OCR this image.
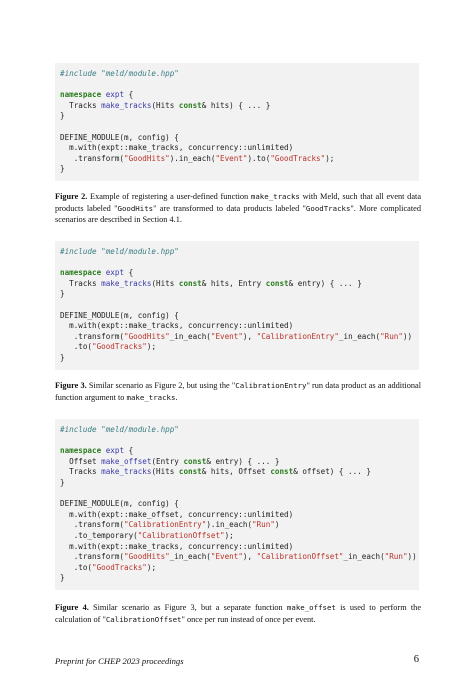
#include "meld/module.hpp"

namespace expt {
Tracks make_tracks(Hits const& hits) { ... }
}

DEFINE_MODULE(m, config) {
m.with(expt::make_tracks, concurrency::unlimited)
.transform("GoodHits").in_each("Event").to("GoodTracks");
}
Figure 2. Example of registering a user-defined function make_tracks with Meld, such that all event data products labeled "GoodHits" are transformed to data products labeled "GoodTracks". More complicated scenarios are described in Section 4.1.
#include "meld/module.hpp"

namespace expt {
Tracks make_tracks(Hits const& hits, Entry const& entry) { ... }
}

DEFINE_MODULE(m, config) {
m.with(expt::make_tracks, concurrency::unlimited)
.transform("GoodHits"_in_each("Event"), "CalibrationEntry"_in_each("Run"))
.to("GoodTracks");
}
Figure 3. Similar scenario as Figure 2, but using the "CalibrationEntry" run data product as an additional function argument to make_tracks.
#include "meld/module.hpp"

namespace expt {
Offset make_offset(Entry const& entry) { ... }
Tracks make_tracks(Hits const& hits, Offset const& offset) { ... }
}

DEFINE_MODULE(m, config) {
m.with(expt::make_offset, concurrency::unlimited)
.transform("CalibrationEntry").in_each("Run")
.to_temporary("CalibrationOffset");
m.with(expt::make_tracks, concurrency::unlimited)
.transform("GoodHits"_in_each("Event"), "CalibrationOffset"_in_each("Run"))
.to("GoodTracks");
}
Figure 4. Similar scenario as Figure 3, but a separate function make_offset is used to perform the calculation of "CalibrationOffset" once per run instead of once per event.
Preprint for CHEP 2023 proceedings	6
